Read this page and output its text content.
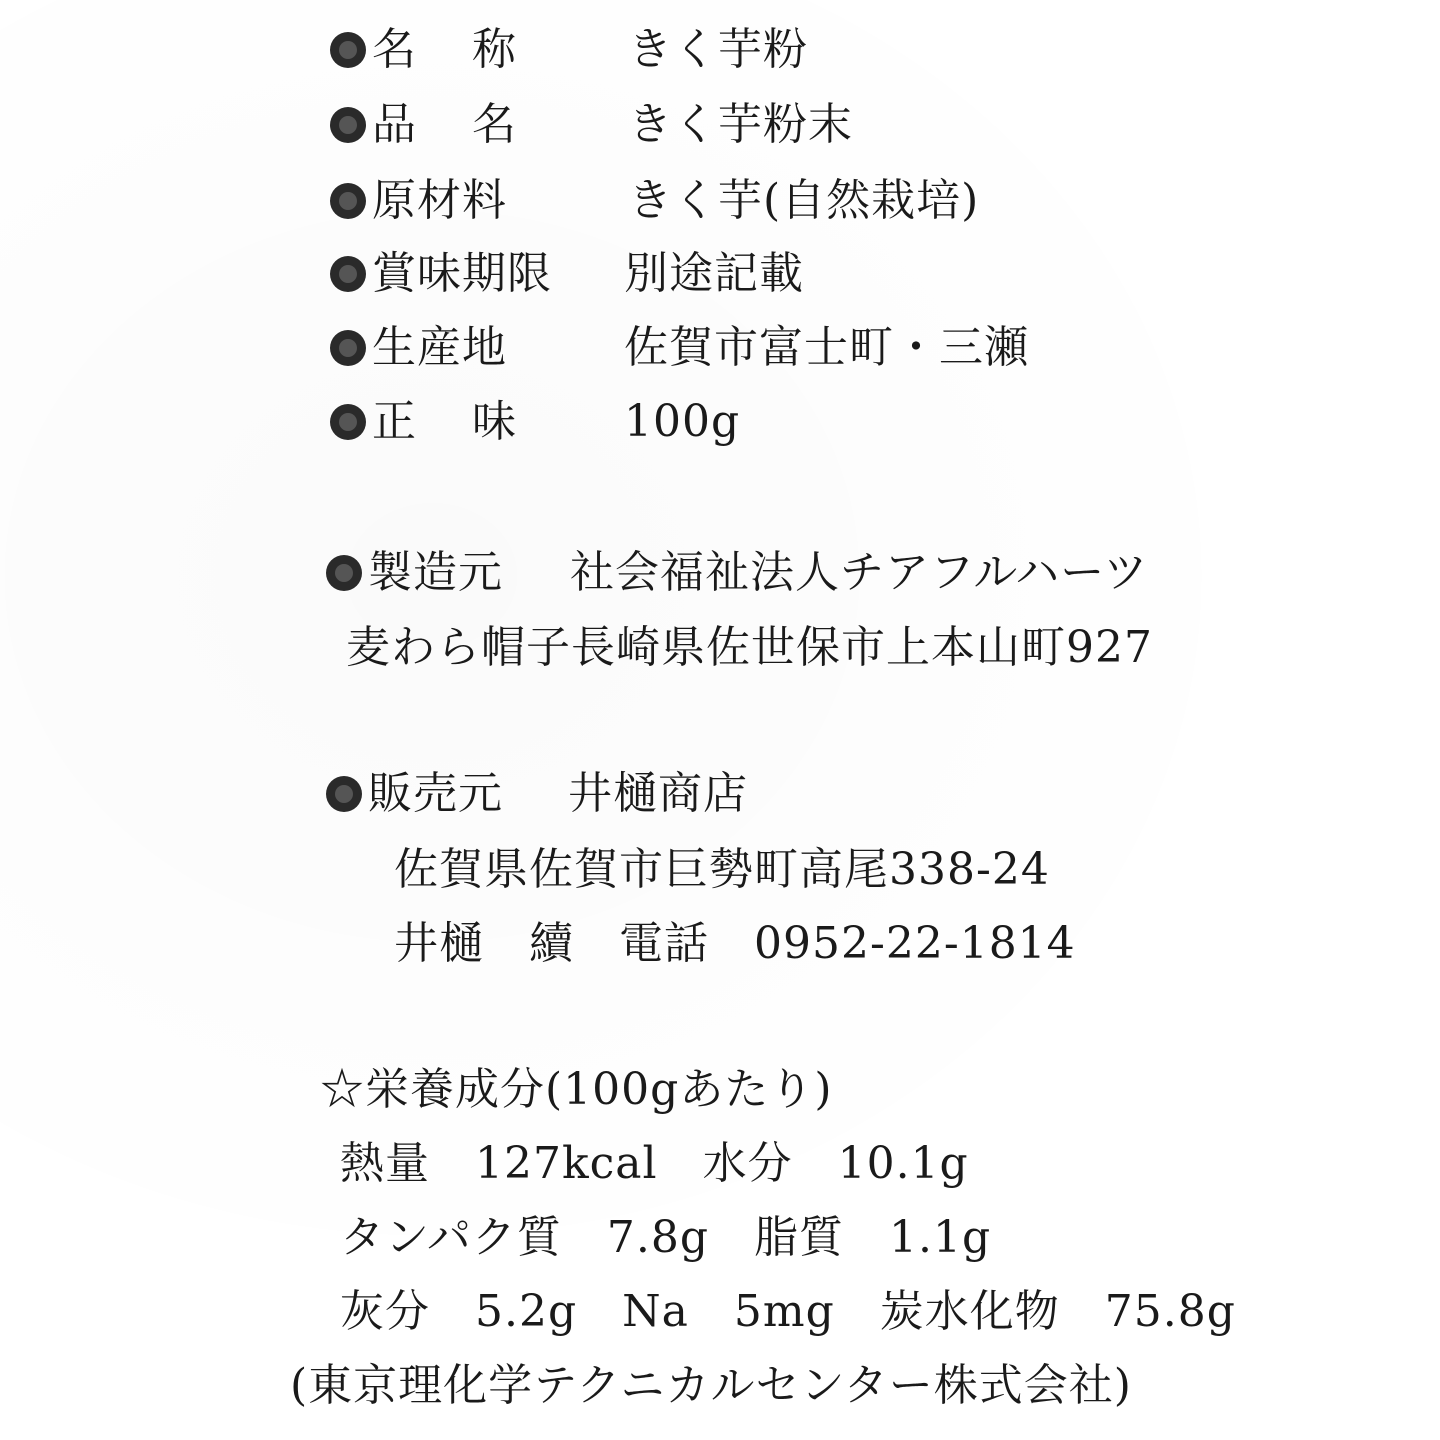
名称 きく芋粉
品名 きく芋粉末
原材料	きく芋(自然栽培)
賞味期限 別途記載
生産地	佐賀市富士町・三瀬
正味 100g
製造元 社会福祉法人チアフルハーツ
麦わら帽子長崎県佐世保市上本山町927
販売元 井樋商店
佐賀県佐賀市巨勢町高尾338-24
井樋　續　電話　0952-22-1814
☆栄養成分(100gあたり)
熱量　127kcal　水分　10.1g
タンパク質　7.8g　脂質　1.1g
灰分　5.2g　Na　5mg　炭水化物　75.8g
(東京理化学テクニカルセンター株式会社)
